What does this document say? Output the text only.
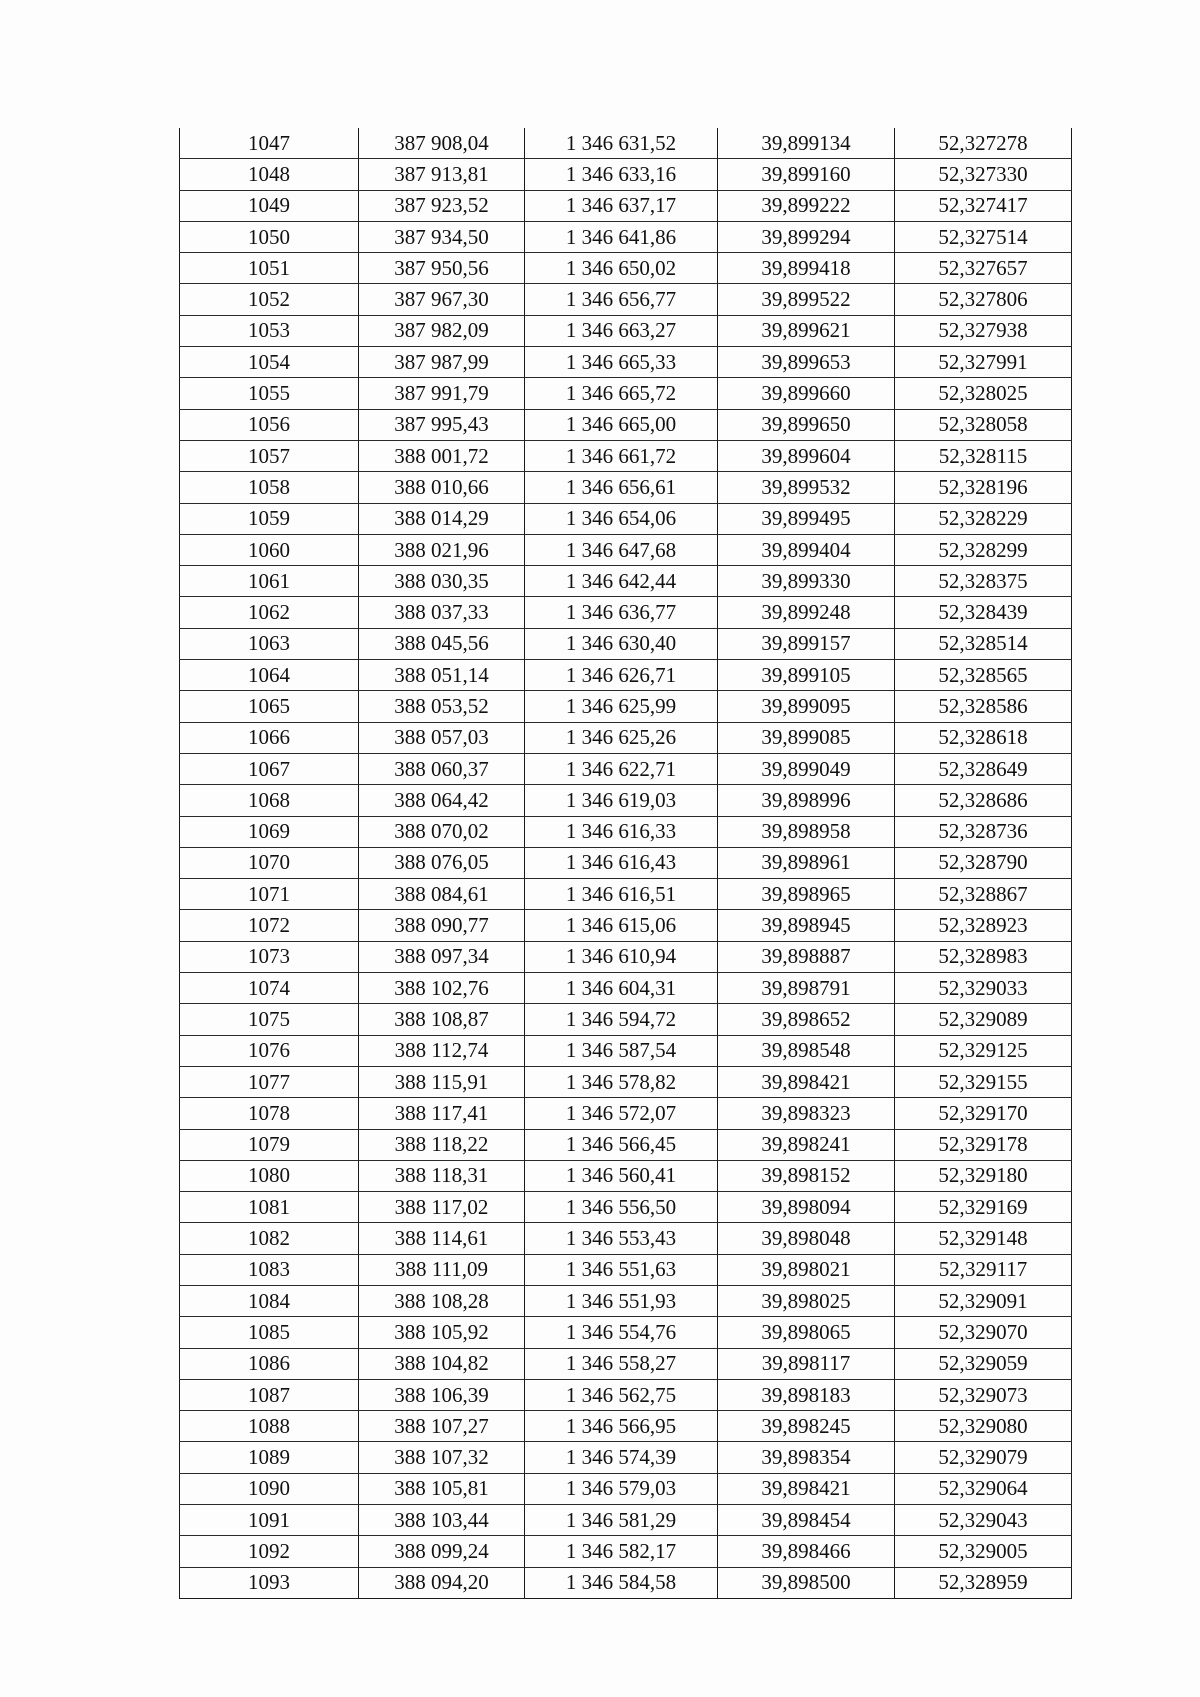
1047	387 908,04	1 346 631,52	39,899134	52,327278
1048	387 913,81	1 346 633,16	39,899160	52,327330
1049	387 923,52	1 346 637,17	39,899222	52,327417
1050	387 934,50	1 346 641,86	39,899294	52,327514
1051	387 950,56	1 346 650,02	39,899418	52,327657
1052	387 967,30	1 346 656,77	39,899522	52,327806
1053	387 982,09	1 346 663,27	39,899621	52,327938
1054	387 987,99	1 346 665,33	39,899653	52,327991
1055	387 991,79	1 346 665,72	39,899660	52,328025
1056	387 995,43	1 346 665,00	39,899650	52,328058
1057	388 001,72	1 346 661,72	39,899604	52,328115
1058	388 010,66	1 346 656,61	39,899532	52,328196
1059	388 014,29	1 346 654,06	39,899495	52,328229
1060	388 021,96	1 346 647,68	39,899404	52,328299
1061	388 030,35	1 346 642,44	39,899330	52,328375
1062	388 037,33	1 346 636,77	39,899248	52,328439
1063	388 045,56	1 346 630,40	39,899157	52,328514
1064	388 051,14	1 346 626,71	39,899105	52,328565
1065	388 053,52	1 346 625,99	39,899095	52,328586
1066	388 057,03	1 346 625,26	39,899085	52,328618
1067	388 060,37	1 346 622,71	39,899049	52,328649
1068	388 064,42	1 346 619,03	39,898996	52,328686
1069	388 070,02	1 346 616,33	39,898958	52,328736
1070	388 076,05	1 346 616,43	39,898961	52,328790
1071	388 084,61	1 346 616,51	39,898965	52,328867
1072	388 090,77	1 346 615,06	39,898945	52,328923
1073	388 097,34	1 346 610,94	39,898887	52,328983
1074	388 102,76	1 346 604,31	39,898791	52,329033
1075	388 108,87	1 346 594,72	39,898652	52,329089
1076	388 112,74	1 346 587,54	39,898548	52,329125
1077	388 115,91	1 346 578,82	39,898421	52,329155
1078	388 117,41	1 346 572,07	39,898323	52,329170
1079	388 118,22	1 346 566,45	39,898241	52,329178
1080	388 118,31	1 346 560,41	39,898152	52,329180
1081	388 117,02	1 346 556,50	39,898094	52,329169
1082	388 114,61	1 346 553,43	39,898048	52,329148
1083	388 111,09	1 346 551,63	39,898021	52,329117
1084	388 108,28	1 346 551,93	39,898025	52,329091
1085	388 105,92	1 346 554,76	39,898065	52,329070
1086	388 104,82	1 346 558,27	39,898117	52,329059
1087	388 106,39	1 346 562,75	39,898183	52,329073
1088	388 107,27	1 346 566,95	39,898245	52,329080
1089	388 107,32	1 346 574,39	39,898354	52,329079
1090	388 105,81	1 346 579,03	39,898421	52,329064
1091	388 103,44	1 346 581,29	39,898454	52,329043
1092	388 099,24	1 346 582,17	39,898466	52,329005
1093	388 094,20	1 346 584,58	39,898500	52,328959
